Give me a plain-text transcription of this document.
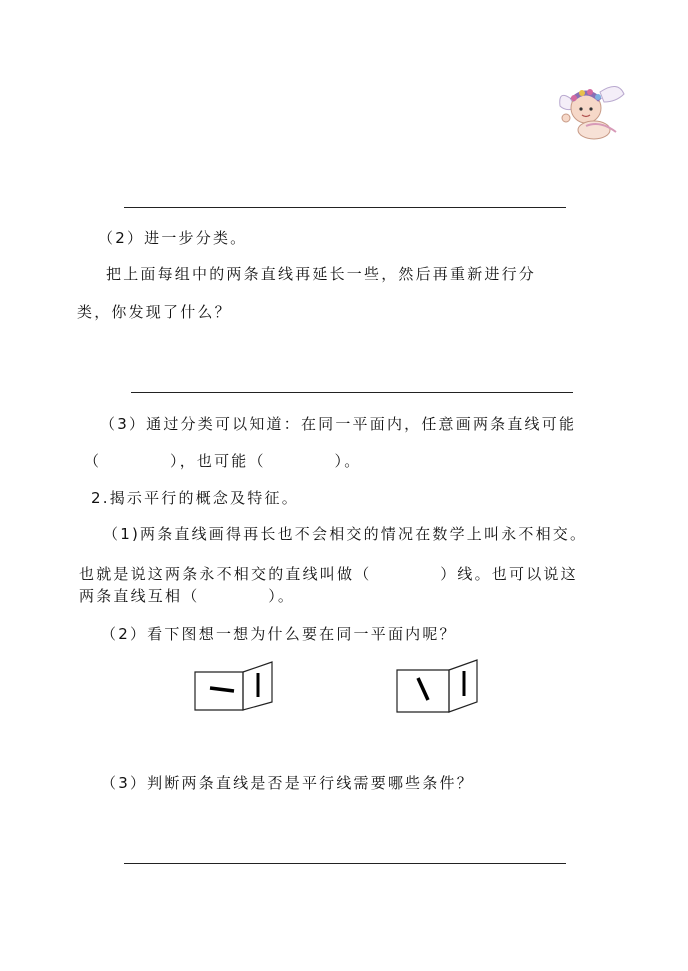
（2）进一步分类。
把上面每组中的两条直线再延长一些，然后再重新进行分
类，你发现了什么？
（3）通过分类可以知道：在同一平面内，任意画两条直线可能
（　　　　），也可能（　　　　）。
2.揭示平行的概念及特征。
（1)两条直线画得再长也不会相交的情况在数学上叫永不相交。
也就是说这两条永不相交的直线叫做（　　　　）线。也可以说这
两条直线互相（　　　　）。
（2）看下图想一想为什么要在同一平面内呢？
（3）判断两条直线是否是平行线需要哪些条件？
